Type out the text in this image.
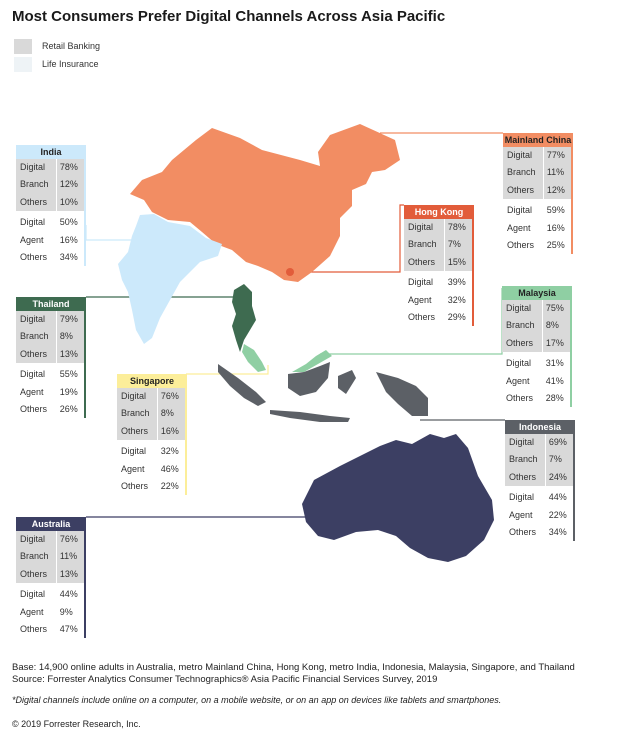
Most Consumers Prefer Digital Channels Across Asia Pacific
Retail Banking
Life Insurance
India
Digital	78%
Branch	12%
Others	10%
Digital	50%
Agent	16%
Others	34%
Mainland China
Digital	77%
Branch	11%
Others	12%
Digital	59%
Agent	16%
Others	25%
Hong Kong
Digital	78%
Branch	7%
Others	15%
Digital	39%
Agent	32%
Others	29%
Thailand
Digital	79%
Branch	8%
Others	13%
Digital	55%
Agent	19%
Others	26%
Malaysia
Digital	75%
Branch	8%
Others	17%
Digital	31%
Agent	41%
Others	28%
Singapore
Digital	76%
Branch	8%
Others	16%
Digital	32%
Agent	46%
Others	22%
Indonesia
Digital	69%
Branch	7%
Others	24%
Digital	44%
Agent	22%
Others	34%
Australia
Digital	76%
Branch	11%
Others	13%
Digital	44%
Agent	9%
Others	47%
Base: 14,900 online adults in Australia, metro Mainland China, Hong Kong, metro India, Indonesia, Malaysia, Singapore, and Thailand
Source: Forrester Analytics Consumer Technographics® Asia Pacific Financial Services Survey, 2019
*Digital channels include online on a computer, on a mobile website, or on an app on devices like tablets and smartphones.
© 2019 Forrester Research, Inc.
